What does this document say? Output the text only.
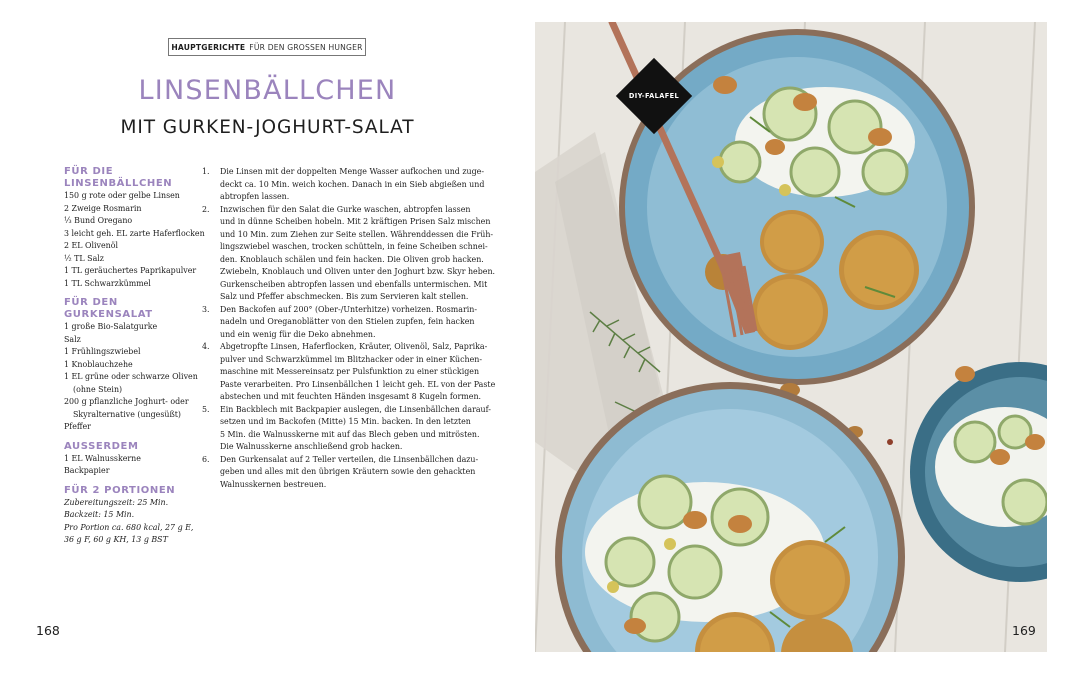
HAUPTGERICHTE FÜR DEN GROSSEN HUNGER
LINSENBÄLLCHEN
MIT GURKEN-JOGHURT-SALAT

FÜR DIE

LINSENBÄLLCHEN

150 g rote oder gelbe Linsen

2 Zweige Rosmarin

⅓ Bund Oregano

3 leicht geh. EL zarte Haferflocken

2 EL Olivenöl

½ TL Salz

1 TL geräuchertes Paprikapulver

1 TL Schwarzkümmel

FÜR DEN

GURKENSALAT

1 große Bio-Salatgurke

Salz

1 Frühlingszwiebel

1 Knoblauchzehe

1 EL grüne oder schwarze Oliven

(ohne Stein)

200 g pflanzliche Joghurt- oder

Skyralternative (ungesüßt)

Pfeffer

AUSSERDEM

1 EL Walnusskerne

Backpapier

FÜR 2 PORTIONEN

Zubereitungszeit: 25 Min.

Backzeit: 15 Min.

Pro Portion ca. 680 kcal, 27 g E,

36 g F, 60 g KH, 13 g BST

1.	Die Linsen mit der doppelten Menge Wasser aufkochen und zuge-
deckt ca. 10 Min. weich kochen. Danach in ein Sieb abgießen und
abtropfen lassen.
2.	Inzwischen für den Salat die Gurke waschen, abtropfen lassen
und in dünne Scheiben hobeln. Mit 2 kräftigen Prisen Salz mischen
und 10 Min. zum Ziehen zur Seite stellen. Währenddessen die Früh-
lingszwiebel waschen, trocken schütteln, in feine Scheiben schnei-
den. Knoblauch schälen und fein hacken. Die Oliven grob hacken.
Zwiebeln, Knoblauch und Oliven unter den Joghurt bzw. Skyr heben.
Gurkenscheiben abtropfen lassen und ebenfalls untermischen. Mit
Salz und Pfeffer abschmecken. Bis zum Servieren kalt stellen.
3.	Den Backofen auf 200° (Ober-/Unterhitze) vorheizen. Rosmarin-
nadeln und Oreganoblätter von den Stielen zupfen, fein hacken
und ein wenig für die Deko abnehmen.
4.	Abgetropfte Linsen, Haferflocken, Kräuter, Olivenöl, Salz, Paprika-
pulver und Schwarzkümmel im Blitzhacker oder in einer Küchen-
maschine mit Messereinsatz per Pulsfunktion zu einer stückigen
Paste verarbeiten. Pro Linsenbällchen 1 leicht geh. EL von der Paste
abstechen und mit feuchten Händen insgesamt 8 Kugeln formen.
5.	Ein Backblech mit Backpapier auslegen, die Linsenbällchen darauf-
setzen und im Backofen (Mitte) 15 Min. backen. In den letzten
5 Min. die Walnusskerne mit auf das Blech geben und mitrösten.
Die Walnusskerne anschließend grob hacken.
6.	Den Gurkensalat auf 2 Teller verteilen, die Linsenbällchen dazu-
geben und alles mit den übrigen Kräutern sowie den gehackten
Walnusskernen bestreuen.
168
DIY-FALAFEL
169
